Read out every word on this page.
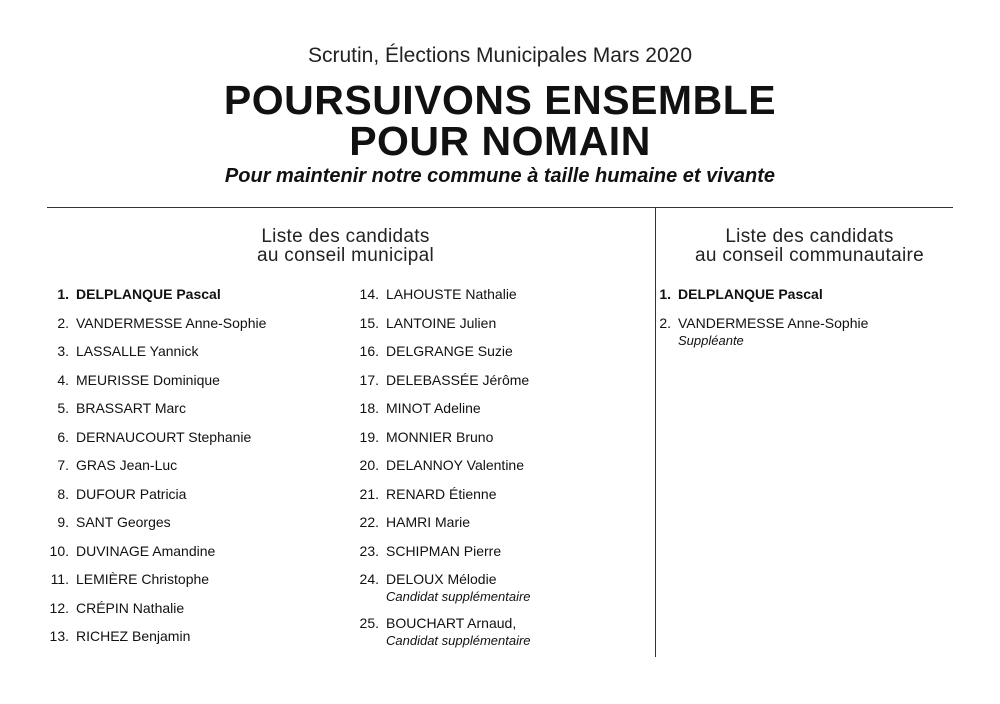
Scrutin, Élections Municipales Mars 2020
POURSUIVONS ENSEMBLE
POUR NOMAIN
Pour maintenir notre commune à taille humaine et vivante
Liste des candidats
au conseil municipal
Liste des candidats
au conseil communautaire
1. DELPLANQUE Pascal
2. VANDERMESSE Anne-Sophie
3. LASSALLE Yannick
4. MEURISSE Dominique
5. BRASSART Marc
6. DERNAUCOURT Stephanie
7. GRAS Jean-Luc
8. DUFOUR Patricia
9. SANT Georges
10. DUVINAGE Amandine
11. LEMIÈRE Christophe
12. CRÉPIN Nathalie
13. RICHEZ Benjamin
14. LAHOUSTE Nathalie
15. LANTOINE Julien
16. DELGRANGE Suzie
17. DELEBASSÉE Jérôme
18. MINOT Adeline
19. MONNIER Bruno
20. DELANNOY Valentine
21. RENARD Étienne
22. HAMRI Marie
23. SCHIPMAN Pierre
24. DELOUX Mélodie
Candidat supplémentaire
25. BOUCHART Arnaud,
Candidat supplémentaire
1. DELPLANQUE Pascal
2. VANDERMESSE Anne-Sophie
Suppléante
